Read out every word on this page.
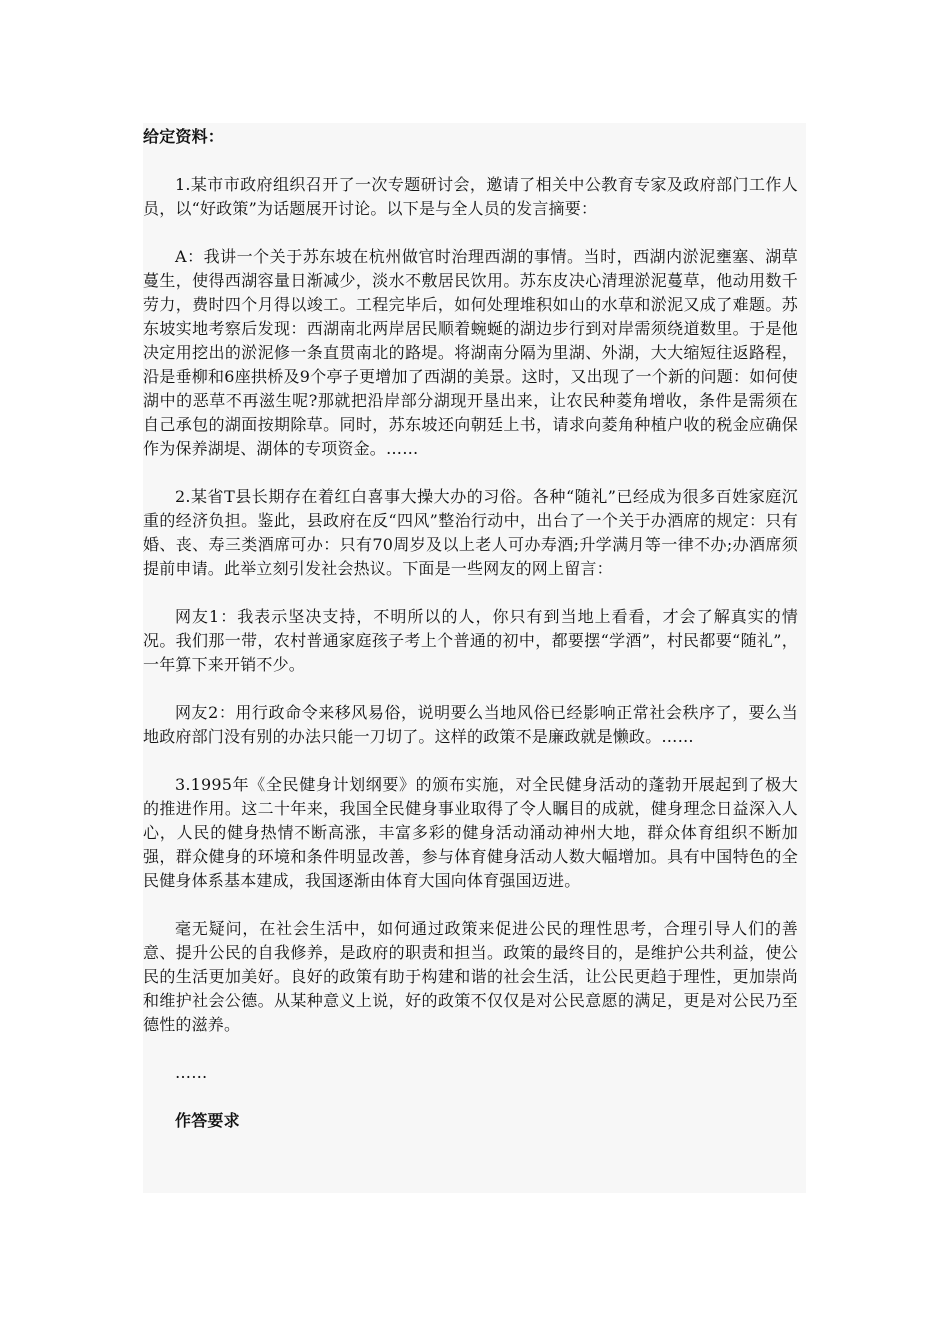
给定资料：

1.某市市政府组织召开了一次专题研讨会，邀请了相关中公教育专家及政府部门工作人员，以“好政策”为话题展开讨论。以下是与全人员的发言摘要：

A：我讲一个关于苏东坡在杭州做官时治理西湖的事情。当时，西湖内淤泥壅塞、湖草蔓生，使得西湖容量日渐减少，淡水不敷居民饮用。苏东皮决心清理淤泥蔓草，他动用数千劳力，费时四个月得以竣工。工程完毕后，如何处理堆积如山的水草和淤泥又成了难题。苏东坡实地考察后发现：西湖南北两岸居民顺着蜿蜒的湖边步行到对岸需须绕道数里。于是他决定用挖出的淤泥修一条直贯南北的路堤。将湖南分隔为里湖、外湖，大大缩短往返路程，沿是垂柳和6座拱桥及9个亭子更增加了西湖的美景。这时，又出现了一个新的问题：如何使湖中的恶草不再滋生呢?那就把沿岸部分湖现开垦出来，让农民种菱角增收，条件是需须在自己承包的湖面按期除草。同时，苏东坡还向朝廷上书，请求向菱角种植户收的税金应确保作为保养湖堤、湖体的专项资金。……

2.某省T县长期存在着红白喜事大操大办的习俗。各种“随礼”已经成为很多百姓家庭沉重的经济负担。鉴此，县政府在反“四风”整治行动中，出台了一个关于办酒席的规定：只有婚、丧、寿三类酒席可办：只有70周岁及以上老人可办寿酒;升学满月等一律不办;办酒席须提前申请。此举立刻引发社会热议。下面是一些网友的网上留言：

网友1：我表示坚决支持，不明所以的人，你只有到当地上看看，才会了解真实的情况。我们那一带，农村普通家庭孩子考上个普通的初中，都要摆“学酒”，村民都要“随礼”，一年算下来开销不少。

网友2：用行政命令来移风易俗，说明要么当地风俗已经影响正常社会秩序了，要么当地政府部门没有别的办法只能一刀切了。这样的政策不是廉政就是懒政。……

3.1995年《全民健身计划纲要》的颁布实施，对全民健身活动的蓬勃开展起到了极大的推进作用。这二十年来，我国全民健身事业取得了令人瞩目的成就，健身理念日益深入人心，人民的健身热情不断高涨，丰富多彩的健身活动涌动神州大地，群众体育组织不断加强，群众健身的环境和条件明显改善，参与体育健身活动人数大幅增加。具有中国特色的全民健身体系基本建成，我国逐渐由体育大国向体育强国迈进。

毫无疑问，在社会生活中，如何通过政策来促进公民的理性思考，合理引导人们的善意、提升公民的自我修养，是政府的职责和担当。政策的最终目的，是维护公共利益，使公民的生活更加美好。良好的政策有助于构建和谐的社会生活，让公民更趋于理性，更加崇尚和维护社会公德。从某种意义上说，好的政策不仅仅是对公民意愿的满足，更是对公民乃至德性的滋养。

……

作答要求
